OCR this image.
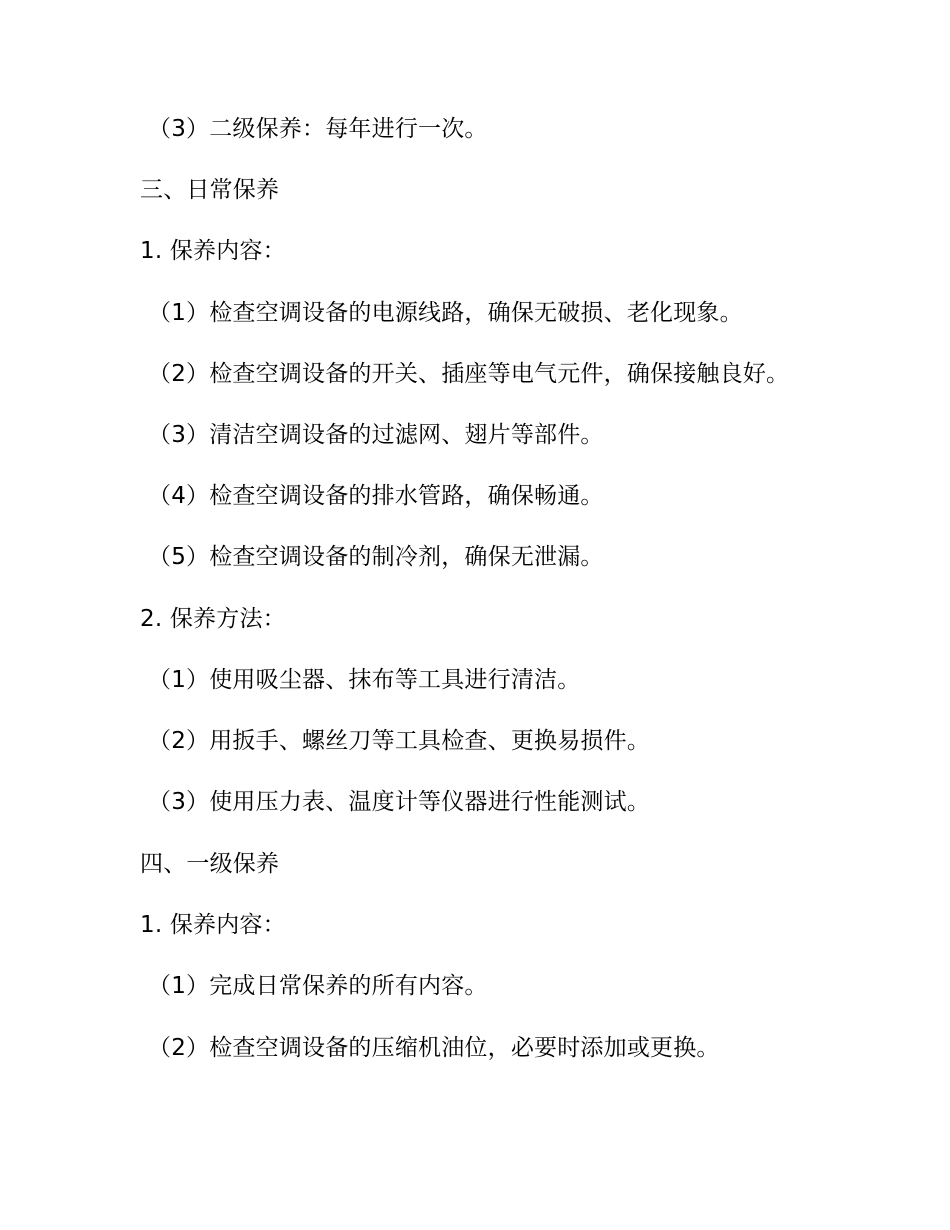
（3）二级保养：每年进行一次。
三、日常保养
1. 保养内容：
（1）检查空调设备的电源线路，确保无破损、老化现象。
（2）检查空调设备的开关、插座等电气元件，确保接触良好。
（3）清洁空调设备的过滤网、翅片等部件。
（4）检查空调设备的排水管路，确保畅通。
（5）检查空调设备的制冷剂，确保无泄漏。
2. 保养方法：
（1）使用吸尘器、抹布等工具进行清洁。
（2）用扳手、螺丝刀等工具检查、更换易损件。
（3）使用压力表、温度计等仪器进行性能测试。
四、一级保养
1. 保养内容：
（1）完成日常保养的所有内容。
（2）检查空调设备的压缩机油位，必要时添加或更换。
